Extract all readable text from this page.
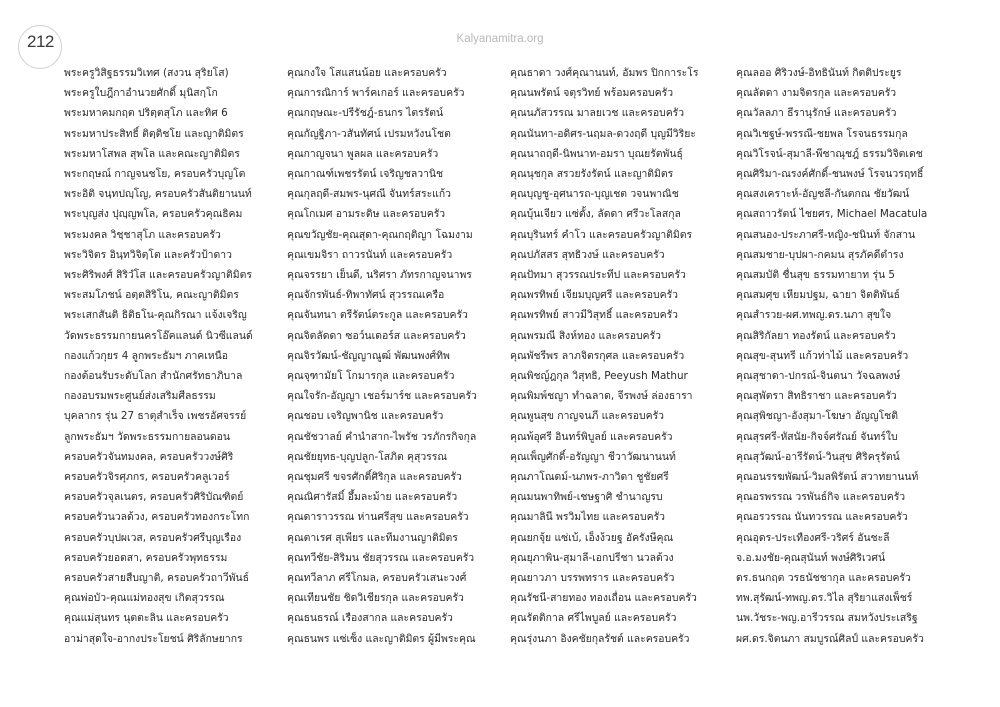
212	Kalyanamitra.org

พระครูวิสิฐธรรมวิเทศ (สงวน สุริยโส)

พระครูใบฎีกาอำนวยศักดิ์ มุนิสกฺโก

พระมหาคมกฤต ปริตฺตสุโภ และทิศ 6

พระมหาประสิทธิ์ ติตฺติชโย และญาติมิตร

พระมหาโสพล สุพโล และคณะญาติมิตร

พระกฤษณ์ กาญจนชโย, ครอบครัวบุญโต

พระอิติ จนฺทปญฺโญ, ครอบครัวสันติยานนท์

พระบุญส่ง ปุญฺญพโล, ครอบครัวคุณธิคม

พระมงคล วิชฺชาสุโภ และครอบครัว

พระวิจิตร อินฺทวิจิตฺโต และครัวป้าดาว

พระศิริพงศ์ สิริวํโส และครอบครัวญาติมิตร

พระสมโภชน์ อตฺตสิริโน, คณะญาติมิตร

พระเสกสันติ ธิติธโน-คุณกิรณา แจ้งเจริญ

วัดพระธรรมกายนครโอ๊คแลนด์ นิวซีแลนด์

กองแก้วกุยร 4 ลูกพระธัมฯ ภาคเหนือ

กองต้อนรับระดับโลก สำนักศรัทธาภิบาล

กองอบรมพระศูนย์ส่งเสริมศีลธรรม

บุคลากร รุ่น 27 ธาตุสำเร็จ เพชรอัศจรรย์

ลูกพระธัมฯ วัดพระธรรมกายลอนดอน

ครอบครัวจันทมงคล, ครอบครัววงษ์ศิริ

ครอบครัวจิรศุภกร, ครอบครัวคลูเวอร์

ครอบครัวจุลเนตร, ครอบครัวศิริบัณฑิตย์

ครอบครัวนวลด้วง, ครอบครัวทองกระโทก

ครอบครัวบุปผเวส, ครอบครัวศรีบุญเรือง

ครอบครัวยอดสา, ครอบครัวพุทธรรม

ครอบครัวสายสืบญาติ, ครอบครัวถาวีพันธ์

คุณพ่อบัว-คุณแม่ทองสุข เกิดสุวรรณ

คุณแม่สุนทร นุตตะลิน และครอบครัว

อาม่าสุดใจ-อากงประโยชน์ ศิริลักษยากร

คุณกงใจ โสแสนน้อย และครอบครัว

คุณการณิการ์ พาร์คเกอร์ และครอบครัว

คุณกฤษณะ-ปรีรัชฎ์-ธนกร ไตรรัตน์

คุณกัญฐิภา-วสันทัศน์ เปรมหวังนโชต

คุณกาญจนา พูลผล และครอบครัว

คุณกาณฑ์เพชรรัตน์ เจริญชลวานิช

คุณกุลฤดี-สมพร-นุศณี จันทร์สระแก้ว

คุณโกเมศ อามระดิษ และครอบครัว

คุณขวัญชัย-คุณสุดา-คุณกฤติญา โฉมงาม

คุณเขมจิรา ถาวรนันท์ และครอบครัว

คุณจรรยา เย็นดี, นริศรา ภัทรกาญจนาพร

คุณจักรพันธ์-ทิพาทัศน์ สุวรรณเครือ

คุณจันทนา ตรีรัตน์ตระกูล และครอบครัว

คุณจิตลัดดา ซอว์นเดอร์ส และครอบครัว

คุณจิรวัฒน์-ชัญญาณูฒ์ พัฒนพงศ์ทิพ

คุณจุฑามัยโ โกมารกุล และครอบครัว

คุณใจรัก-อัญญา เชอร์มาร์ช และครอบครัว

คุณชอบ เจริญพานิช และครอบครัว

คุณชัชวาลย์ คำนำสาก-ไพรัช วรภักรกิจกุล

คุณชัยยุทธ-บุญปลูก-โสภิต คุสุวรรณ

คุณชุมศรี ขจรศักดิ์ศิริกุล และครอบครัว

คุณณิศารัสมิ์ อึ้มละม้าย และครอบครัว

คุณดาราวรรณ ห่านศรีสุข และครอบครัว

คุณตาเรศ สุเพียร และทีมงานญาติมิตร

คุณทวีชัย-สิริมน ชัยสุวรรณ และครอบครัว

คุณทวีลาภ ศรีโกมล, ครอบครัวเสนะวงศ์

คุณเทียนชัย ชิดวิเชียรกุล และครอบครัว

คุณธนธรณ์ เรืองสากล และครอบครัว

คุณธนพร แซ่เซ็ง และญาติมิตร ผู้มีพระคุณ

คุณธาดา วงศ์คุณานนท์, อัมพร ปิกการะโร

คุณนพรัตน์ จตุรวิทย์ พร้อมครอบครัว

คุณนภัสวรรณ มาลยเวช และครอบครัว

คุณนันทา-อดิศร-นฤมล-ดวงฤดี บุญมีวิริยะ

คุณนาถฤดี-นิพนาท-อมรา บุณยรัตพันธุ์

คุณนุชกุล สรวยรังรัตน์ และญาติมิตร

คุณบุญชู-อุศนารถ-บุญเชต วจนพาณิช

คุณบุ้นเจียว แซ่ตั้ง, ลัดดา ศรีวะโลสกุล

คุณบุรินทร์ คำโว และครอบครัวญาติมิตร

คุณปภัสสร สุทธิวงษ์ และครอบครัว

คุณปัทมา สุวรรณประทีป และครอบครัว

คุณพรทิพย์ เจียมบุญศรี และครอบครัว

คุณพรทิพย์ สาวมีวิสุทธิ์ และครอบครัว

คุณพรมณี สิงห์ทอง และครอบครัว

คุณพัชรีพร ลาภจิตรกุศล และครอบครัว

คุณพิชญ์ฎกุล วิสุทธิ, Peeyush Mathur

คุณพิมพ์ชญา ทำฉลาด, จีรพงษ์ ล่องธารา

คุณพูนสุข กาญจนภี และครอบครัว

คุณพ้อุศรี อินทร์พิบูลย์ และครอบครัว

คุณเพ็ญศักดิ์-อรัญญา ชีวาวัฒนานนท์

คุณภาโณดม์-นภพร-ภาวิดา ชูชัยศรี

คุณมนพาทิพย์-เชษฐาศิ ชำนาญรบ

คุณมาลินี พรวิมไทย และครอบครัว

คุณยกจุ้ย แซ่เบ้, เอ็งง้วยฐ อัครังษีคุณ

คุณยุภาพิน-สุมาลี-เอกปรีชา นวลด้วง

คุณยาวภา บรรพทราร และครอบครัว

คุณรัชนี-สายทอง ทองเถื่อน และครอบครัว

คุณรัตติกาล ศรีไพบูลย์ และครอบครัว

คุณรุ่งนภา อิงคชัยกุลรัชต์ และครอบครัว

คุณลออ ศิริวงษ์-อิทธินันท์ กิตติประยูร

คุณลัดดา งามจิตรกุล และครอบครัว

คุณวัลลภา ธีรานุรักษ์ และครอบครัว

คุณวิเชฐษ์-พรรณี-ชยพล โรจนธรรมกุล

คุณวิโรจน์-สุมาลี-พีชาณุชฎ์ ธรรมวิจิตเดช

คุณศิริมา-ณรงค์ศักดิ์-ชนพงษ์ โรจนวรฤทธิ์

คุณสงเคราะห์-อัญชลี-กันตกณ ชัยวัฒน์

คุณสถาวรัตน์ ไชยศร, Michael Macatula

คุณสนอง-ประภาศรี-หญิง-ชนินท์ จักสาน

คุณสมชาย-บุปผา-กคมน สุรภัคดีตำรง

คุณสมบัติ ชื่นสุข ธรรมทายาท รุ่น 5

คุณสมศุข เหียมปฐม, ฉายา จิตติพันธ์

คุณสำรวย-ผศ.ทพญ.ดร.นภา สุขใจ

คุณสิริกัลยา ทองรัตน์ และครอบครัว

คุณสุข-สุนทรี แก้วท่าไม้ และครอบครัว

คุณสุชาดา-ปกรณ์-จินตนา วัจฉลพงษ์

คุณสุพัตรา สิทธิราชา และครอบครัว

คุณสุพิชญา-อังสุมา-โฆษา อัญญโชติ

คุณสุรศรี-หัสนัย-กิจจ์ศรัณย์ จันทร์ใบ

คุณสุวัฒน์-อารีรัตน์-วินสุข ศิริครุรัตน์

คุณอนรรฆพัฒน์-วิมลพิรัตน์ สวาทยานนท์

คุณอรพรรณ วรพันธ์กิจ และครอบครัว

คุณอรวรรณ นันทวรรณ และครอบครัว

คุณอุดร-ประเทืองศรี-วริศร์ อันชะลี

จ.อ.มงชัย-คุณสุนันท์ พงษ์ศิริเวศน์

ดร.ธนกฤต วรธนัชชากุล และครอบครัว

ทพ.สุรัฒน์-ทพญ.ดร.วิไล สุริยาแสงเพ็ชร์

นพ.วัชระ-พญ.อารีวรรณ สมหวังประเสริฐ

ผศ.ดร.จิตนภา สมบูรณ์ศิลป์ และครอบครัว
